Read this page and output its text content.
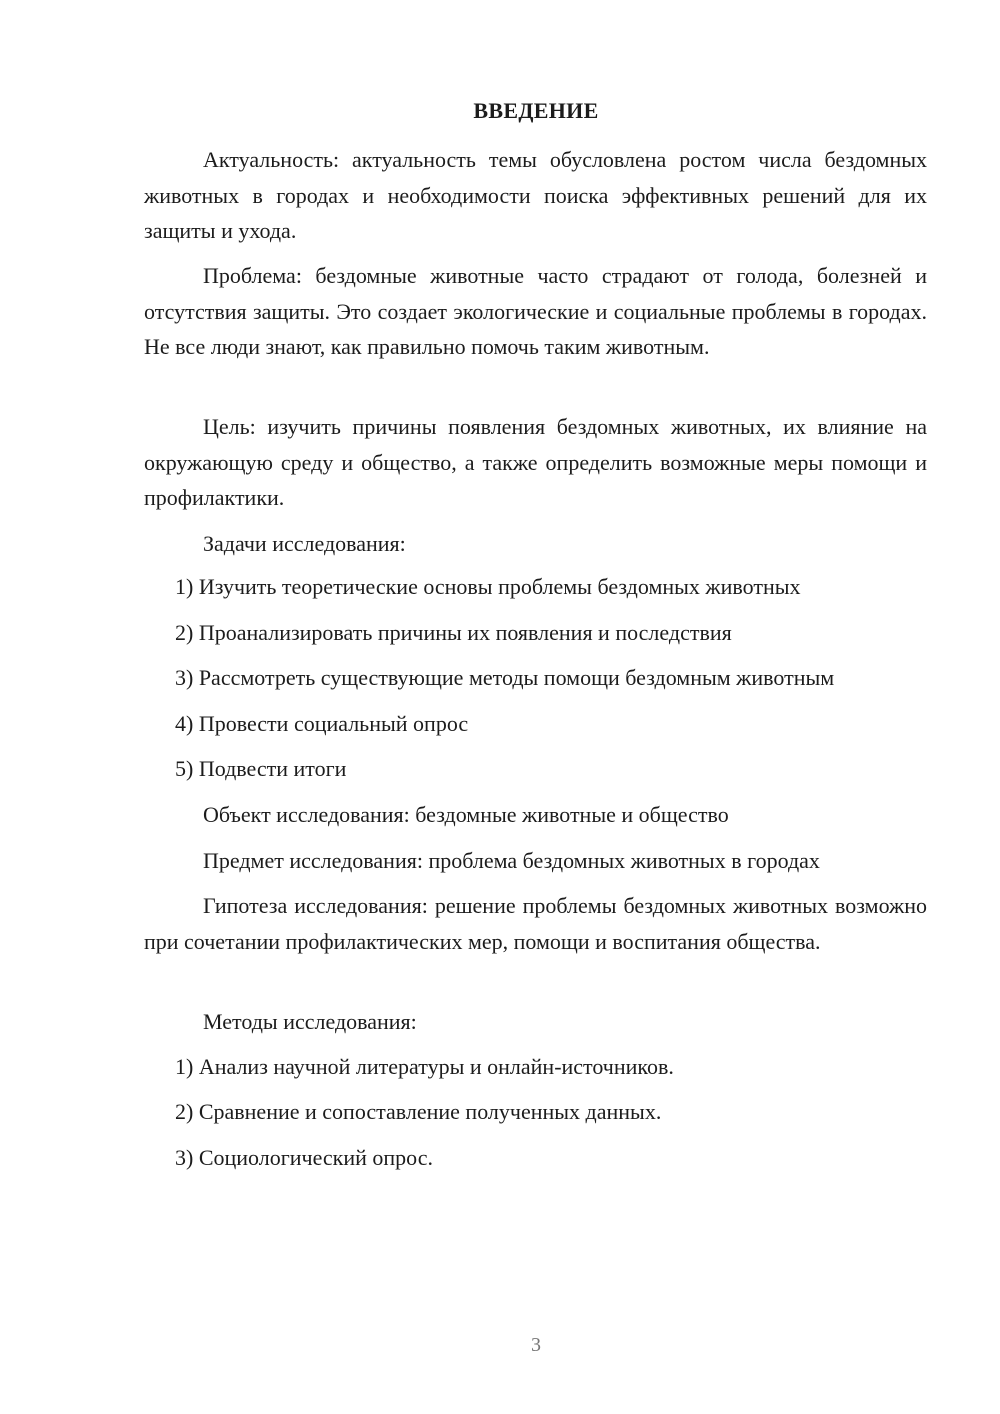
ВВЕДЕНИЕ

Актуальность: актуальность темы обусловлена ростом числа бездомных животных в городах и необходимости поиска эффективных решений для их защиты и ухода.

Проблема: бездомные животные часто страдают от голода, болезней и отсутствия защиты. Это создает экологические и социальные проблемы в городах. Не все люди знают, как правильно помочь таким животным.

Цель: изучить причины появления бездомных животных, их влияние на окружающую среду и общество, а также определить возможные меры помощи и профилактики.

Задачи исследования:

1) Изучить теоретические основы проблемы бездомных животных

2) Проанализировать причины их появления и последствия

3) Рассмотреть существующие методы помощи бездомным животным

4) Провести социальный опрос

5) Подвести итоги

Объект исследования: бездомные животные и общество

Предмет исследования: проблема бездомных животных в городах

Гипотеза исследования: решение проблемы бездомных животных возможно при сочетании профилактических мер, помощи и воспитания общества.

Методы исследования:

1) Анализ научной литературы и онлайн-источников.

2) Сравнение и сопоставление полученных данных.

3) Социологический опрос.

3
